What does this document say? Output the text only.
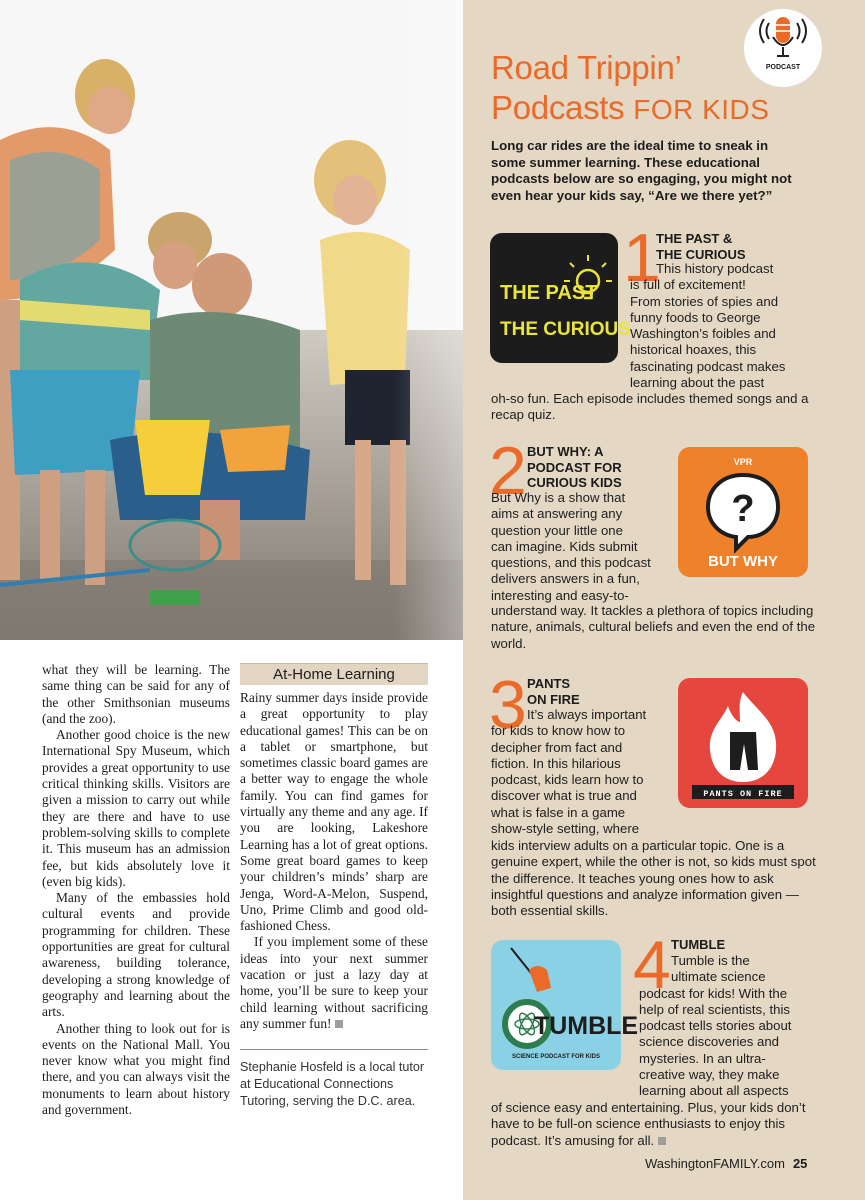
what they will be learning. The same thing can be said for any of the other Smithsonian museums (and the zoo).

Another good choice is the new International Spy Museum, which provides a great opportunity to use critical thinking skills. Visitors are given a mission to carry out while they are there and have to use problem-solving skills to complete it. This museum has an admission fee, but kids absolutely love it (even big kids).

Many of the embassies hold cultural events and provide programming for children. These opportunities are great for cultural awareness, building tolerance, developing a strong knowledge of geography and learning about the arts.

Another thing to look out for is events on the National Mall. You never know what you might find there, and you can always visit the monuments to learn about history and government.

At-Home Learning

Rainy summer days inside provide a great opportunity to play educational games! This can be on a tablet or smartphone, but sometimes classic board games are a better way to engage the whole family. You can find games for virtually any theme and any age. If you are looking, Lakeshore Learning has a lot of great options. Some great board games to keep your children’s minds’ sharp are Jenga, Word-A-Melon, Suspend, Uno, Prime Climb and good old-fashioned Chess.

If you implement some of these ideas into your next summer vacation or just a lazy day at home, you’ll be sure to keep your child learning without sacrificing any summer fun!

Stephanie Hosfeld is a local tutor at Educational Connections Tutoring, serving the D.C. area.
PODCAST
Road Trippin’
Podcasts FOR KIDS
Long car rides are the ideal time to sneak in some summer learning. These educational podcasts below are so engaging, you might not even hear your kids say, “Are we there yet?”
THE PAST
THE CURIOUS
1
THE PAST &
THE CURIOUS
This history podcast
is full of excitement!
From stories of spies and
funny foods to George
Washington’s foibles and
historical hoaxes, this
fascinating podcast makes
learning about the past
oh-so fun. Each episode includes themed songs and a recap quiz.
2 BUT WHY: A
PODCAST FOR
CURIOUS KIDS
But Why is a show that
aims at answering any
question your little one
can imagine. Kids submit
questions, and this podcast
delivers answers in a fun,
interesting and easy-to-
VPR
?
BUT WHY
understand way. It tackles a plethora of topics including nature, animals, cultural beliefs and even the end of the world.
3 PANTS
ON FIRE
It’s always important
for kids to know how to
decipher from fact and
fiction. In this hilarious
podcast, kids learn how to
discover what is true and
what is false in a game
show-style setting, where
PANTS ON FIRE
kids interview adults on a particular topic. One is a genuine expert, while the other is not, so kids must spot the difference. It teaches young ones how to ask insightful questions and analyze information given — both essential skills.
TUMBLE
SCIENCE PODCAST FOR KIDS
4 TUMBLE
Tumble is the
ultimate science
podcast for kids! With the
help of real scientists, this
podcast tells stories about
science discoveries and
mysteries. In an ultra-
creative way, they make
learning about all aspects
of science easy and entertaining. Plus, your kids don’t have to be full-on science enthusiasts to enjoy this podcast. It’s amusing for all.
WashingtonFAMILY.com 25
